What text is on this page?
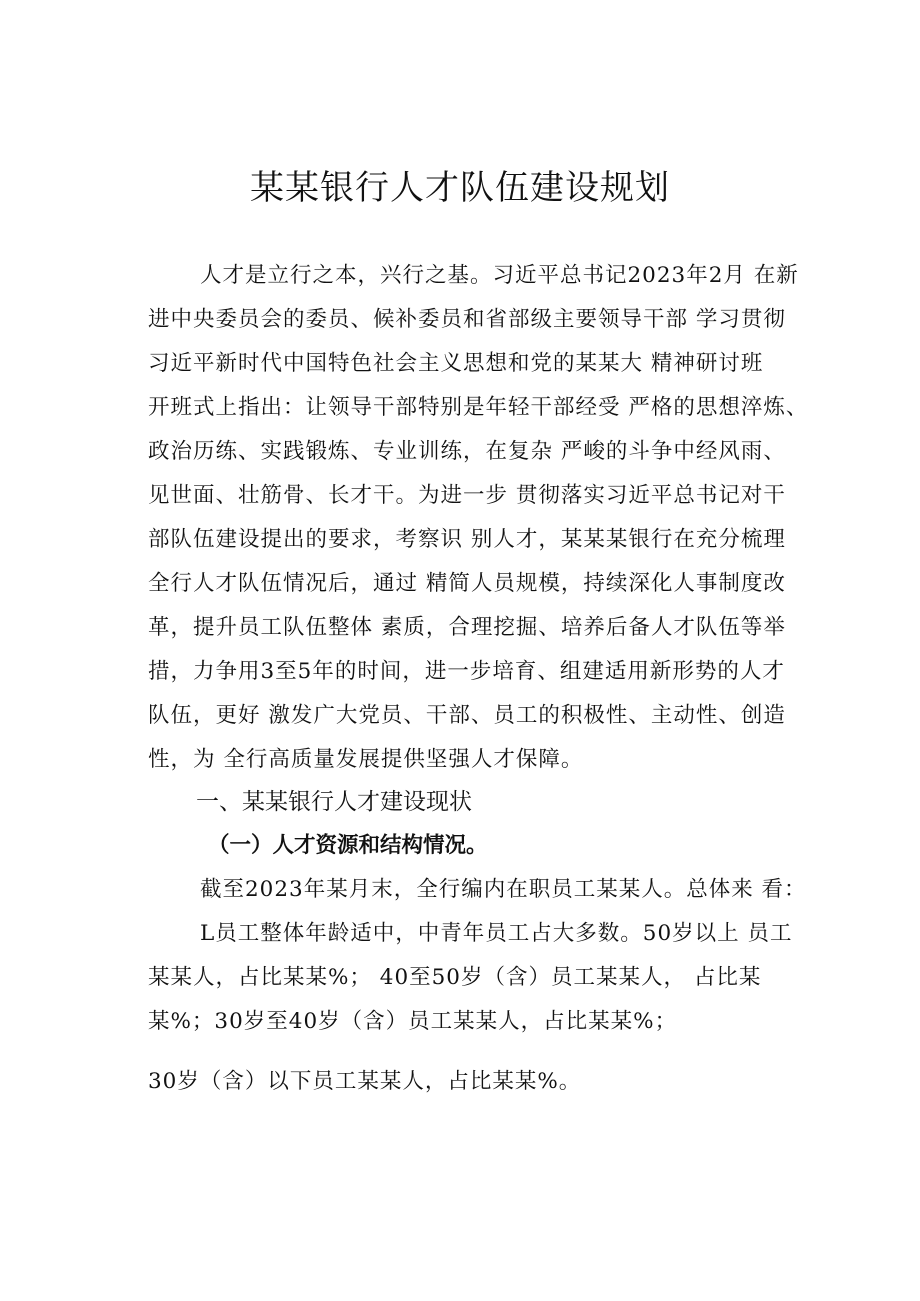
某某银行人才队伍建设规划
人才是立行之本，兴行之基。习近平总书记2023年2月 在新
进中央委员会的委员、候补委员和省部级主要领导干部 学习贯彻
习近平新时代中国特色社会主义思想和党的某某大 精神研讨班
开班式上指出：让领导干部特别是年轻干部经受 严格的思想淬炼、
政治历练、实践锻炼、专业训练，在复杂 严峻的斗争中经风雨、
见世面、壮筋骨、长才干。为进一步 贯彻落实习近平总书记对干
部队伍建设提出的要求，考察识 别人才，某某某银行在充分梳理
全行人才队伍情况后，通过 精简人员规模，持续深化人事制度改
革，提升员工队伍整体 素质，合理挖掘、培养后备人才队伍等举
措，力争用3至5年的时间，进一步培育、组建适用新形势的人才
队伍，更好 激发广大党员、干部、员工的积极性、主动性、创造
性，为 全行高质量发展提供坚强人才保障。
一、某某银行人才建设现状
（一）人才资源和结构情况。
截至2023年某月末，全行编内在职员工某某人。总体来 看：
L员工整体年龄适中，中青年员工占大多数。50岁以上 员工
某某人，占比某某%； 40至50岁（含）员工某某人， 占比某
某%；30岁至40岁（含）员工某某人，占比某某%；
30岁（含）以下员工某某人，占比某某%。
